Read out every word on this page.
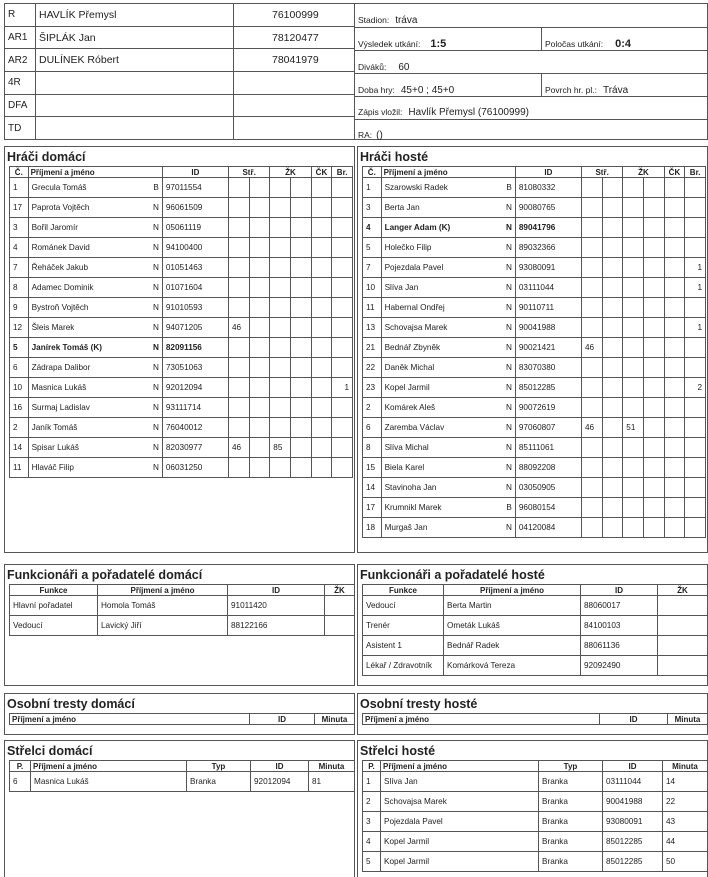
R	HAVLÍK Přemysl	76100999
AR1	ŠIPLÁK Jan	78120477
AR2	DULÍNEK Róbert	78041979
4R		
DFA		
TD		
Stadion: tráva
Výsledek utkání: 1:5	Poločas utkání: 0:4
Diváků: 60
Doba hry: 45+0 ; 45+0	Povrch hr. pl.: Tráva
Zápis vložil: Havlík Přemysl (76100999)
RA: ()
Hráči domácí
Č.	Příjmení a jméno		ID	Stř.		ŽK		ČK	Br.
1	Grecula Tomáš	B	97011554						
17	Paprota Vojtěch	N	96061509						
3	Bořil Jaromír	N	05061119						
4	Románek David	N	94100400						
7	Řeháček Jakub	N	01051463						
8	Adamec Dominik	N	01071604						
9	Bystroň Vojtěch	N	91010593						
12	Šleis Marek	N	94071205	46					
5	Janírek Tomáš (K)	N	82091156						
6	Zádrapa Dalibor	N	73051063						
10	Masnica Lukáš	N	92012094						1
16	Surmaj Ladislav	N	93111714						
2	Janík Tomáš	N	76040012						
14	Spisar Lukáš	N	82030977	46		85			
11	Hlaváč Filip	N	06031250						
Hráči hosté
Č.	Příjmení a jméno		ID	Stř.		ŽK		ČK	Br.
1	Szarowski Radek	B	81080332						
3	Berta Jan	N	90080765						
4	Langer Adam (K)	N	89041796						
5	Holečko Filip	N	89032366						
7	Pojezdala Pavel	N	93080091						1
10	Slíva Jan	N	03111044						1
11	Habernal Ondřej	N	90110711						
13	Schovajsa Marek	N	90041988						1
21	Bednář Zbyněk	N	90021421	46					
22	Daněk Michal	N	83070380						
23	Kopel Jarmil	N	85012285						2
2	Komárek Aleš	N	90072619						
6	Zaremba Václav	N	97060807	46		51			
8	Slíva Michal	N	85111061						
15	Biela Karel	N	88092208						
14	Stavinoha Jan	N	03050905						
17	Krumnikl Marek	B	96080154						
18	Murgaš Jan	N	04120084						
Funkcionáři a pořadatelé domácí
Funkce	Příjmení a jméno	ID	ŽK
Hlavní pořadatel	Homola Tomáš	91011420	
Vedoucí	Lavický Jiří	88122166	
Funkcionáři a pořadatelé hosté
Funkce	Příjmení a jméno	ID	ŽK
Vedoucí	Berta Martin	88060017	
Trenér	Ometák Lukáš	84100103	
Asistent 1	Bednář Radek	88061136	
Lékař / Zdravotník	Komárková Tereza	92092490	
Osobní tresty domácí
Příjmení a jméno	ID	Minuta
Osobní tresty hosté
Příjmení a jméno	ID	Minuta
Střelci domácí
P.	Příjmení a jméno	Typ	ID	Minuta
6	Masnica Lukáš	Branka	92012094	81
Střelci hosté
P.	Příjmení a jméno	Typ	ID	Minuta
1	Slíva Jan	Branka	03111044	14
2	Schovajsa Marek	Branka	90041988	22
3	Pojezdala Pavel	Branka	93080091	43
4	Kopel Jarmil	Branka	85012285	44
5	Kopel Jarmil	Branka	85012285	50
